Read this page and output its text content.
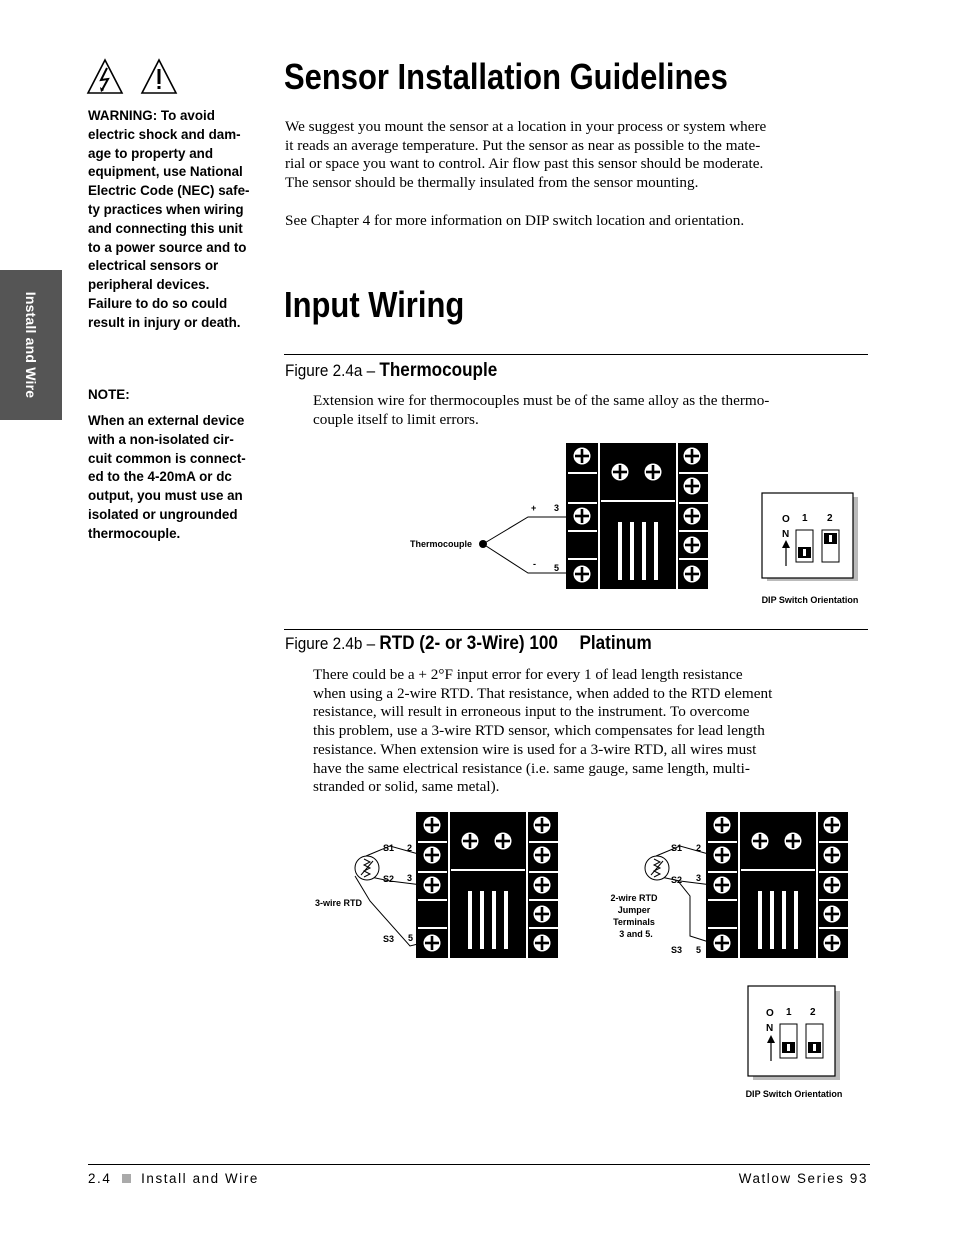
Install and Wire
WARNING: To avoid
electric shock and dam-
age to property and
equipment, use National
Electric Code (NEC) safe-
ty practices when wiring
and connecting this unit
to a power source and to
electrical sensors or
peripheral devices.
Failure to do so could
result in injury or death.
NOTE:
When an external device
with a non-isolated cir-
cuit common is connect-
ed to the 4-20mA or dc
output, you must use an
isolated or ungrounded
thermocouple.
Sensor Installation Guidelines
We suggest you mount the sensor at a location in your process or system where
it reads an average temperature. Put the sensor as near as possible to the mate-
rial or space you want to control. Air flow past this sensor should be moderate.
The sensor should be thermally insulated from the sensor mounting.
See Chapter 4 for more information on DIP switch location and orientation.
Input Wiring
Figure 2.4a – Thermocouple
Extension wire for thermocouples must be of the same alloy as the thermo-
couple itself to limit errors.
Thermocouple
+ 3
- 5
O
N
1 2
DIP Switch Orientation
Figure 2.4b – RTD (2- or 3-Wire) 100 Platinum
There could be a + 2°F input error for every 1 of lead length resistance
when using a 2-wire RTD. That resistance, when added to the RTD element
resistance, will result in erroneous input to the instrument. To overcome
this problem, use a 3-wire RTD sensor, which compensates for lead length
resistance. When extension wire is used for a 3-wire RTD, all wires must
have the same electrical resistance (i.e. same gauge, same length, multi-
stranded or solid, same metal).
S1 2
S2 3
3-wire RTD
S3 5
S1 2
S2 3
2-wire RTD
Jumper
Terminals
3 and 5.
S3 5
O
N
1 2
DIP Switch Orientation
2.4 Install and Wire	Watlow Series 93
